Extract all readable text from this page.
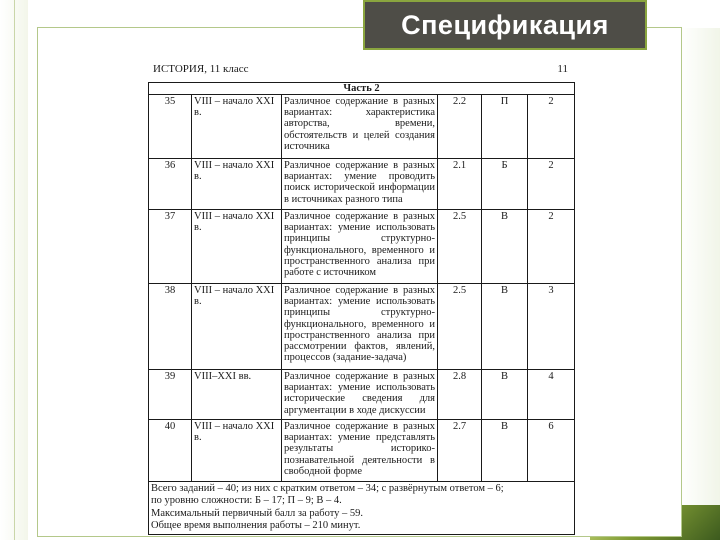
Спецификация
ИСТОРИЯ, 11 класс	11
Часть 2					
35	VIII – начало XXI в.	Различное содержание в разных вариантах: характеристика авторства, времени, обстоятельств и целей создания источника	2.2	П	2
36	VIII – начало XXI в.	Различное содержание в разных вариантах: умение проводить поиск исторической информации в источниках разного типа	2.1	Б	2
37	VIII – начало XXI в.	Различное содержание в разных вариантах: умение использовать принципы структурно-функционального, временного и пространственного анализа при работе с источником	2.5	В	2
38	VIII – начало XXI в.	Различное содержание в разных вариантах: умение использовать принципы структурно-функционального, временного и пространственного анализа при рассмотрении фактов, явлений, процессов (задание-задача)	2.5	В	3
39	VIII–XXI вв.	Различное содержание в разных вариантах: умение использовать исторические сведения для аргументации в ходе дискуссии	2.8	В	4
40	VIII – начало XXI в.	Различное содержание в разных вариантах: умение представлять результаты историко-познавательной деятельности в свободной форме	2.7	В	6

Всего заданий – 40; из них с кратким ответом – 34; с развёрнутым ответом – 6;
по уровню сложности: Б – 17; П – 9; В – 4.
Максимальный первичный балл за работу – 59.
Общее время выполнения работы – 210 минут.					
